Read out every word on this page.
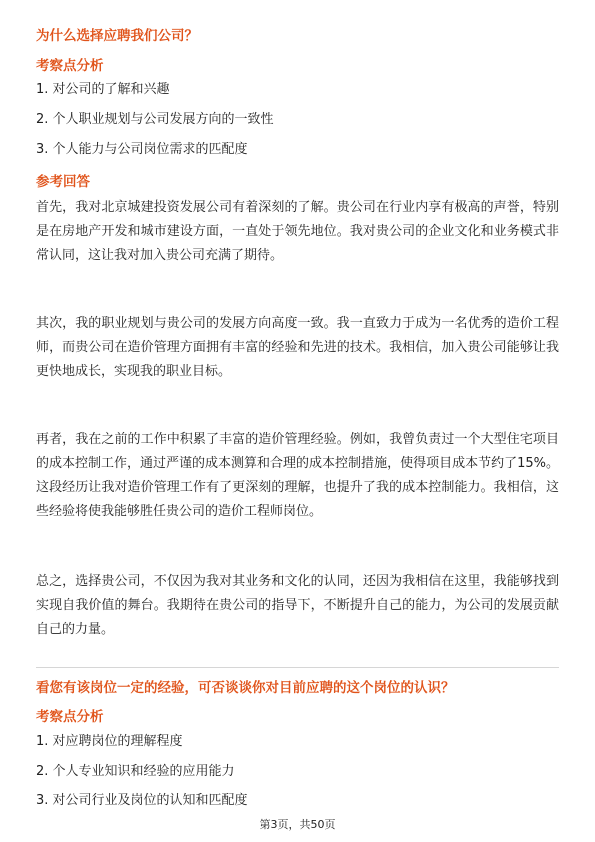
为什么选择应聘我们公司？

考察点分析

1. 对公司的了解和兴趣

2. 个人职业规划与公司发展方向的一致性

3. 个人能力与公司岗位需求的匹配度

参考回答

首先，我对北京城建投资发展公司有着深刻的了解。贵公司在行业内享有极高的声誉，特别是在房地产开发和城市建设方面，一直处于领先地位。我对贵公司的企业文化和业务模式非常认同，这让我对加入贵公司充满了期待。

其次，我的职业规划与贵公司的发展方向高度一致。我一直致力于成为一名优秀的造价工程师，而贵公司在造价管理方面拥有丰富的经验和先进的技术。我相信，加入贵公司能够让我更快地成长，实现我的职业目标。

再者，我在之前的工作中积累了丰富的造价管理经验。例如，我曾负责过一个大型住宅项目的成本控制工作，通过严谨的成本测算和合理的成本控制措施，使得项目成本节约了15%。这段经历让我对造价管理工作有了更深刻的理解，也提升了我的成本控制能力。我相信，这些经验将使我能够胜任贵公司的造价工程师岗位。

总之，选择贵公司，不仅因为我对其业务和文化的认同，还因为我相信在这里，我能够找到实现自我价值的舞台。我期待在贵公司的指导下，不断提升自己的能力，为公司的发展贡献自己的力量。

看您有该岗位一定的经验，可否谈谈你对目前应聘的这个岗位的认识？

考察点分析

1. 对应聘岗位的理解程度

2. 个人专业知识和经验的应用能力

3. 对公司行业及岗位的认知和匹配度

第3页，共50页
